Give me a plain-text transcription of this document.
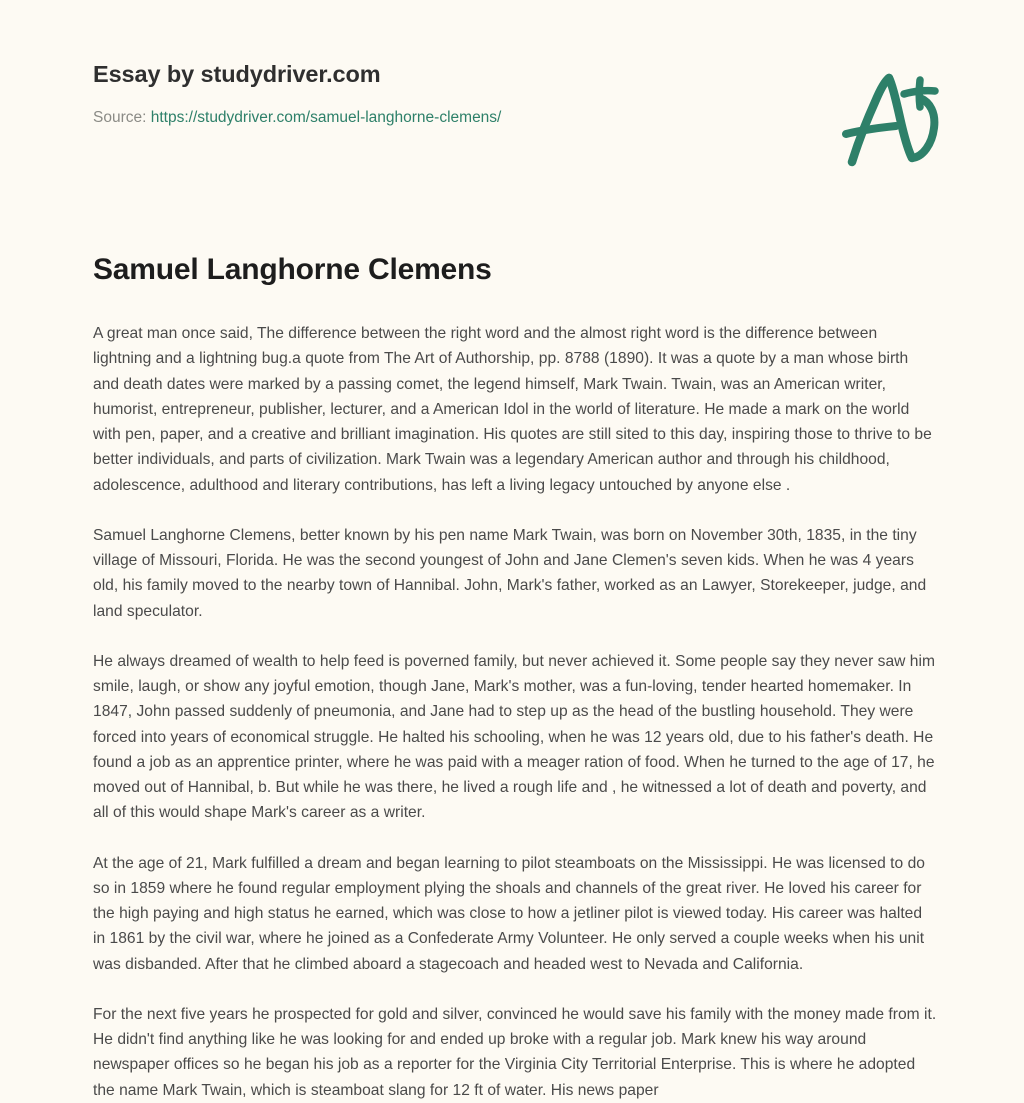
Essay by studydriver.com
Source: https://studydriver.com/samuel-langhorne-clemens/
Samuel Langhorne Clemens

A great man once said, The difference between the right word and the almost right word is the difference between lightning and a lightning bug.a quote from The Art of Authorship, pp. 8788 (1890). It was a quote by a man whose birth and death dates were marked by a passing comet, the legend himself, Mark Twain. Twain, was an American writer, humorist, entrepreneur, publisher, lecturer, and a American Idol in the world of literature. He made a mark on the world with pen, paper, and a creative and brilliant imagination. His quotes are still sited to this day, inspiring those to thrive to be better individuals, and parts of civilization. Mark Twain was a legendary American author and through his childhood, adolescence, adulthood and literary contributions, has left a living legacy untouched by anyone else .

Samuel Langhorne Clemens, better known by his pen name Mark Twain, was born on November 30th, 1835, in the tiny village of Missouri, Florida. He was the second youngest of John and Jane Clemen's seven kids. When he was 4 years old, his family moved to the nearby town of Hannibal. John, Mark's father, worked as an Lawyer, Storekeeper, judge, and land speculator.

He always dreamed of wealth to help feed is poverned family, but never achieved it. Some people say they never saw him smile, laugh, or show any joyful emotion, though Jane, Mark's mother, was a fun-loving, tender hearted homemaker. In 1847, John passed suddenly of pneumonia, and Jane had to step up as the head of the bustling household. They were forced into years of economical struggle. He halted his schooling, when he was 12 years old, due to his father's death. He found a job as an apprentice printer, where he was paid with a meager ration of food. When he turned to the age of 17, he moved out of Hannibal, b. But while he was there, he lived a rough life and , he witnessed a lot of death and poverty, and all of this would shape Mark's career as a writer.

At the age of 21, Mark fulfilled a dream and began learning to pilot steamboats on the Mississippi. He was licensed to do so in 1859 where he found regular employment plying the shoals and channels of the great river. He loved his career for the high paying and high status he earned, which was close to how a jetliner pilot is viewed today. His career was halted in 1861 by the civil war, where he joined as a Confederate Army Volunteer. He only served a couple weeks when his unit was disbanded. After that he climbed aboard a stagecoach and headed west to Nevada and California.

For the next five years he prospected for gold and silver, convinced he would save his family with the money made from it. He didn't find anything like he was looking for and ended up broke with a regular job. Mark knew his way around newspaper offices so he began his job as a reporter for the Virginia City Territorial Enterprise. This is where he adopted the name Mark Twain, which is steamboat slang for 12 ft of water. His news paper
